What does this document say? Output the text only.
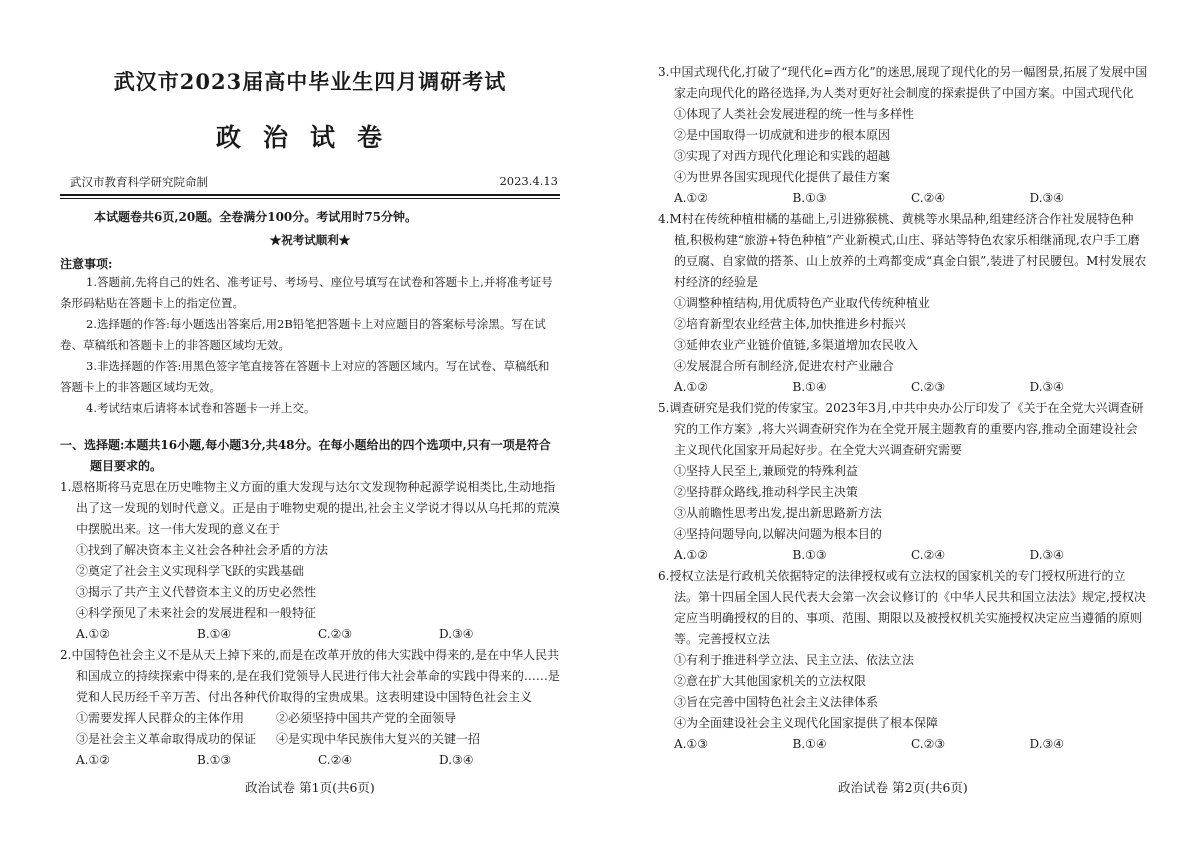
武汉市2023届高中毕业生四月调研考试
政治试卷
武汉市教育科学研究院命制	2023.4.13
本试题卷共6页,20题。全卷满分100分。考试用时75分钟。
★祝考试顺利★
注意事项:

1.答题前,先将自己的姓名、准考证号、考场号、座位号填写在试卷和答题卡上,并将准考证号条形码粘贴在答题卡上的指定位置。

2.选择题的作答:每小题选出答案后,用2B铅笔把答题卡上对应题目的答案标号涂黑。写在试卷、草稿纸和答题卡上的非答题区域均无效。

3.非选择题的作答:用黑色签字笔直接答在答题卡上对应的答题区域内。写在试卷、草稿纸和答题卡上的非答题区域均无效。

4.考试结束后请将本试卷和答题卡一并上交。

一、选择题:本题共16小题,每小题3分,共48分。在每小题给出的四个选项中,只有一项是符合题目要求的。
1.恩格斯将马克思在历史唯物主义方面的重大发现与达尔文发现物种起源学说相类比,生动地指出了这一发现的划时代意义。正是由于唯物史观的提出,社会主义学说才得以从乌托邦的荒漠中摆脱出来。这一伟大发现的意义在于
①找到了解决资本主义社会各种社会矛盾的方法
②奠定了社会主义实现科学飞跃的实践基础
③揭示了共产主义代替资本主义的历史必然性
④科学预见了未来社会的发展进程和一般特征
A.①②	B.①④	C.②③	D.③④
2.中国特色社会主义不是从天上掉下来的,而是在改革开放的伟大实践中得来的,是在中华人民共和国成立的持续探索中得来的,是在我们党领导人民进行伟大社会革命的实践中得来的……是党和人民历经千辛万苦、付出各种代价取得的宝贵成果。这表明建设中国特色社会主义
①需要发挥人民群众的主体作用	②必须坚持中国共产党的全面领导
③是社会主义革命取得成功的保证 ④是实现中华民族伟大复兴的关键一招
A.①②	B.①③	C.②④	D.③④
政治试卷 第1页(共6页)
3.中国式现代化,打破了“现代化=西方化”的迷思,展现了现代化的另一幅图景,拓展了发展中国家走向现代化的路径选择,为人类对更好社会制度的探索提供了中国方案。中国式现代化
①体现了人类社会发展进程的统一性与多样性
②是中国取得一切成就和进步的根本原因
③实现了对西方现代化理论和实践的超越
④为世界各国实现现代化提供了最佳方案
A.①②	B.①③	C.②④	D.③④
4.M村在传统种植柑橘的基础上,引进猕猴桃、黄桃等水果品种,组建经济合作社发展特色种植,积极构建“旅游+特色种植”产业新模式,山庄、驿站等特色农家乐相继涌现,农户手工磨的豆腐、自家做的搭茶、山上放养的土鸡都变成“真金白银”,装进了村民腰包。M村发展农村经济的经验是
①调整种植结构,用优质特色产业取代传统种植业
②培育新型农业经营主体,加快推进乡村振兴
③延伸农业产业链价值链,多渠道增加农民收入
④发展混合所有制经济,促进农村产业融合
A.①②	B.①④	C.②③	D.③④
5.调查研究是我们党的传家宝。2023年3月,中共中央办公厅印发了《关于在全党大兴调查研究的工作方案》,将大兴调查研究作为在全党开展主题教育的重要内容,推动全面建设社会主义现代化国家开局起好步。在全党大兴调查研究需要
①坚持人民至上,兼顾党的特殊利益
②坚持群众路线,推动科学民主决策
③从前瞻性思考出发,提出新思路新方法
④坚持问题导向,以解决问题为根本目的
A.①②	B.①③	C.②④	D.③④
6.授权立法是行政机关依据特定的法律授权或有立法权的国家机关的专门授权所进行的立法。第十四届全国人民代表大会第一次会议修订的《中华人民共和国立法法》规定,授权决定应当明确授权的目的、事项、范围、期限以及被授权机关实施授权决定应当遵循的原则等。完善授权立法
①有利于推进科学立法、民主立法、依法立法
②意在扩大其他国家机关的立法权限
③旨在完善中国特色社会主义法律体系
④为全面建设社会主义现代化国家提供了根本保障
A.①③	B.①④	C.②③	D.③④
政治试卷 第2页(共6页)
